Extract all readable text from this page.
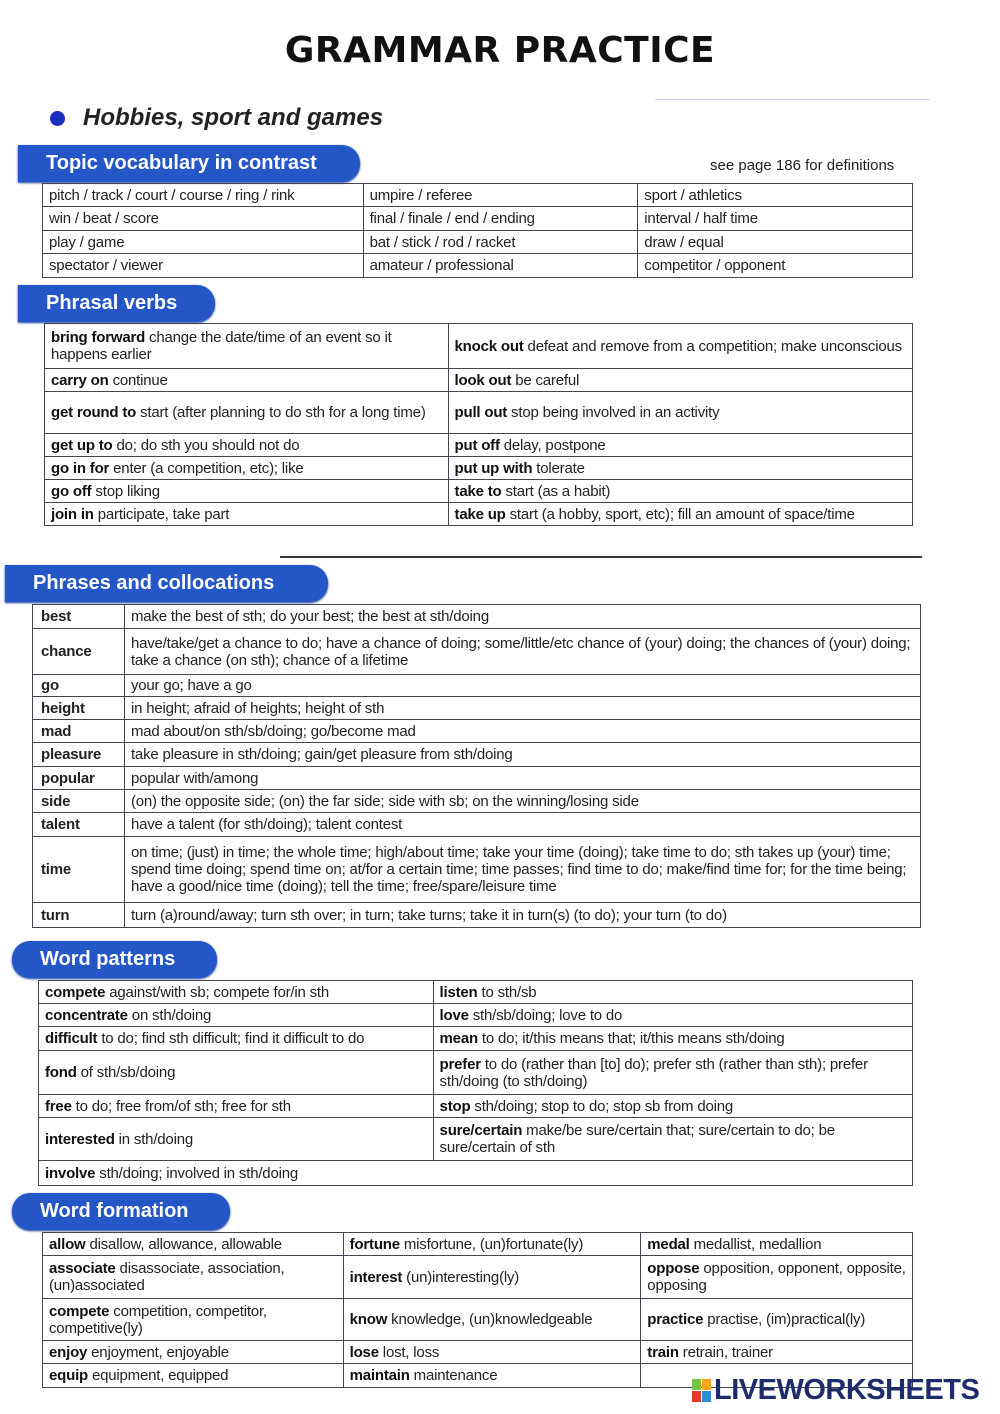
GRAMMAR PRACTICE
Hobbies, sport and games
Topic vocabulary in contrast	see page 186 for definitions
pitch / track / court / course / ring / rink	umpire / referee	sport / athletics
win / beat / score	final / finale / end / ending	interval / half time
play / game	bat / stick / rod / racket	draw / equal
spectator / viewer	amateur / professional	competitor / opponent
Phrasal verbs
bring forward change the date/time of an event so it happens earlier	knock out defeat and remove from a competition; make unconscious
carry on continue	look out be careful
get round to start (after planning to do sth for a long time)	pull out stop being involved in an activity
get up to do; do sth you should not do	put off delay, postpone
go in for enter (a competition, etc); like	put up with tolerate
go off stop liking	take to start (as a habit)
join in participate, take part	take up start (a hobby, sport, etc); fill an amount of space/time
Phrases and collocations
best	make the best of sth; do your best; the best at sth/doing
chance	have/take/get a chance to do; have a chance of doing; some/little/etc chance of (your) doing; the chances of (your) doing; take a chance (on sth); chance of a lifetime
go	your go; have a go
height	in height; afraid of heights; height of sth
mad	mad about/on sth/sb/doing; go/become mad
pleasure	take pleasure in sth/doing; gain/get pleasure from sth/doing
popular	popular with/among
side	(on) the opposite side; (on) the far side; side with sb; on the winning/losing side
talent	have a talent (for sth/doing); talent contest
time	on time; (just) in time; the whole time; high/about time; take your time (doing); take time to do; sth takes up (your) time; spend time doing; spend time on; at/for a certain time; time passes; find time to do; make/find time for; for the time being; have a good/nice time (doing); tell the time; free/spare/leisure time
turn	turn (a)round/away; turn sth over; in turn; take turns; take it in turn(s) (to do); your turn (to do)
Word patterns
compete against/with sb; compete for/in sth	listen to sth/sb
concentrate on sth/doing	love sth/sb/doing; love to do
difficult to do; find sth difficult; find it difficult to do	mean to do; it/this means that; it/this means sth/doing
fond of sth/sb/doing	prefer to do (rather than [to] do); prefer sth (rather than sth); prefer sth/doing (to sth/doing)
free to do; free from/of sth; free for sth	stop sth/doing; stop to do; stop sb from doing
interested in sth/doing	sure/certain make/be sure/certain that; sure/certain to do; be sure/certain of sth
involve sth/doing; involved in sth/doing	
Word formation
allow disallow, allowance, allowable	fortune misfortune, (un)fortunate(ly)	medal medallist, medallion
associate disassociate, association, (un)associated	interest (un)interesting(ly)	oppose opposition, opponent, opposite, opposing
compete competition, competitor, competitive(ly)	know knowledge, (un)knowledgeable	practice practise, (im)practical(ly)
enjoy enjoyment, enjoyable	lose lost, loss	train retrain, trainer
equip equipment, equipped	maintain maintenance		LIVEWORKSHEETS
